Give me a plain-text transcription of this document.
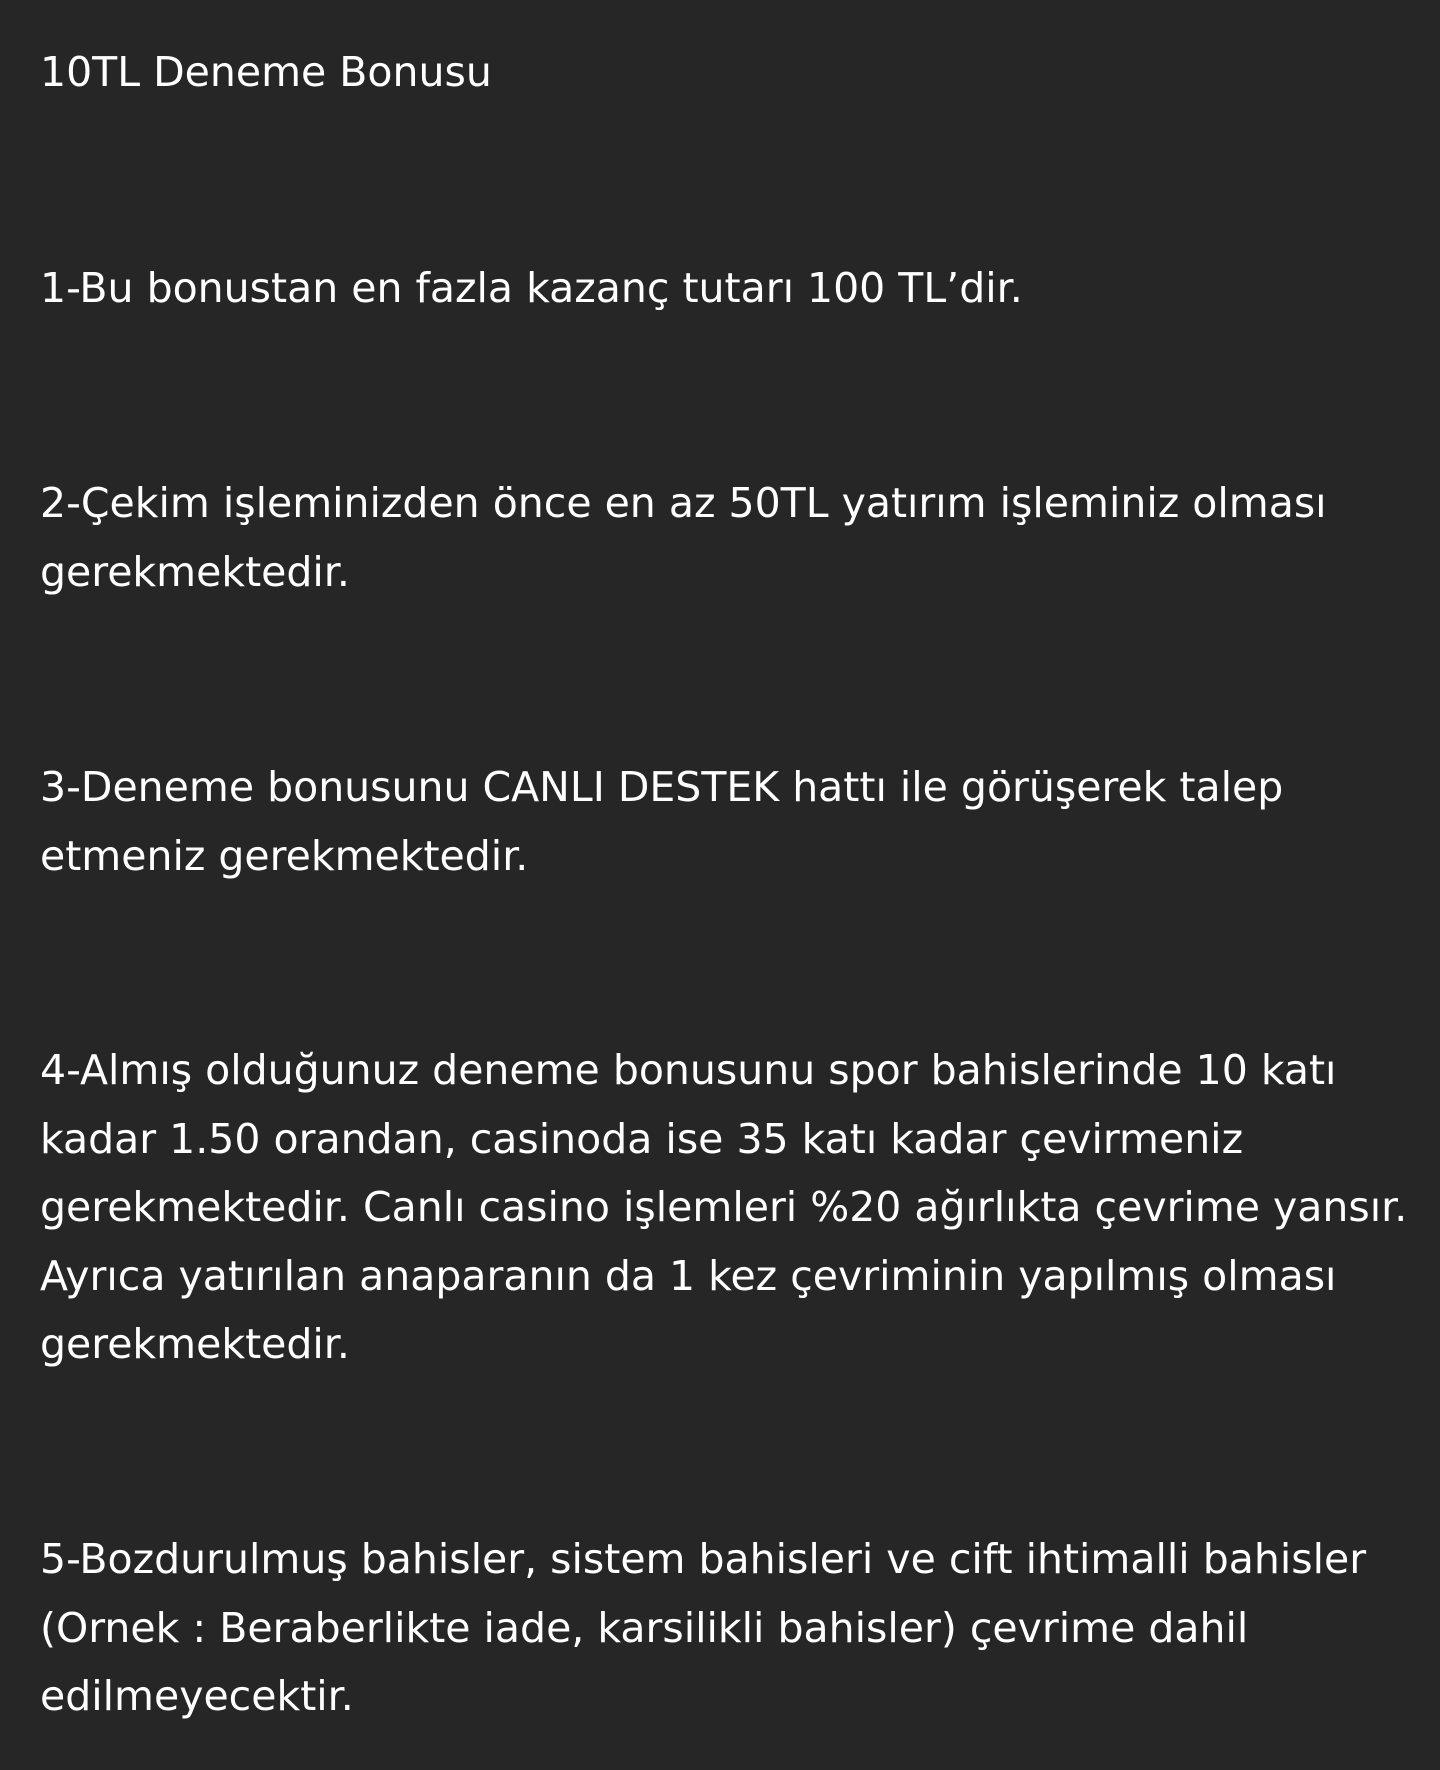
10TL Deneme Bonusu

1-Bu bonustan en fazla kazanç tutarı 100 TL’dir.

2-Çekim işleminizden önce en az 50TL yatırım işleminiz olması gerekmektedir.

3-Deneme bonusunu CANLI DESTEK hattı ile görüşerek talep etmeniz gerekmektedir.

4-Almış olduğunuz deneme bonusunu spor bahislerinde 10 katı kadar 1.50 orandan, casinoda ise 35 katı kadar çevirmeniz gerekmektedir. Canlı casino işlemleri %20 ağırlıkta çevrime yansır. Ayrıca yatırılan anaparanın da 1 kez çevriminin yapılmış olması gerekmektedir.

5-Bozdurulmuş bahisler, sistem bahisleri ve cift ihtimalli bahisler (Ornek : Beraberlikte iade, karsilikli bahisler) çevrime dahil edilmeyecektir.
